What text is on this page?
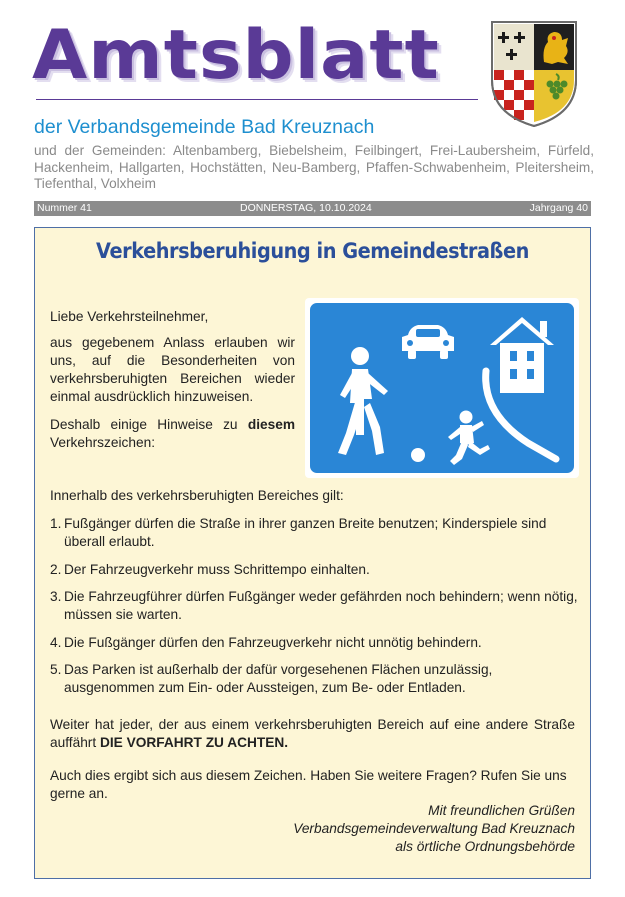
Amtsblatt
der Verbandsgemeinde Bad Kreuznach
und der Gemeinden: Altenbamberg, Biebelsheim, Feilbingert, Frei-Laubersheim, Fürfeld, Hackenheim, Hallgarten, Hochstätten, Neu-Bamberg, Pfaffen-Schwabenheim, Pleitersheim, Tiefenthal, Volxheim
Nummer 41	DONNERSTAG, 10.10.2024	Jahrgang 40
Verkehrsberuhigung in Gemeindestraßen

Liebe Verkehrsteilnehmer,

aus gegebenem Anlass erlauben wir uns, auf die Besonderheiten von verkehrsberuhigten Bereichen wieder einmal ausdrücklich hinzuweisen.

Deshalb einige Hinweise zu diesem Verkehrszeichen:

Innerhalb des verkehrsberuhigten Bereiches gilt:

1. Fußgänger dürfen die Straße in ihrer ganzen Breite benutzen; Kinderspiele sind überall erlaubt.
2. Der Fahrzeugverkehr muss Schrittempo einhalten.
3. Die Fahrzeugführer dürfen Fußgänger weder gefährden noch behindern; wenn nötig, müssen sie warten.
4. Die Fußgänger dürfen den Fahrzeugverkehr nicht unnötig behindern.
5. Das Parken ist außerhalb der dafür vorgesehenen Flächen unzulässig, ausgenommen zum Ein- oder Aussteigen, zum Be- oder Entladen.

Weiter hat jeder, der aus einem verkehrsberuhigten Bereich auf eine andere Straße auffährt DIE VORFAHRT ZU ACHTEN.

Auch dies ergibt sich aus diesem Zeichen. Haben Sie weitere Fragen? Rufen Sie uns gerne an.

Mit freundlichen Grüßen
Verbandsgemeindeverwaltung Bad Kreuznach
als örtliche Ordnungsbehörde
